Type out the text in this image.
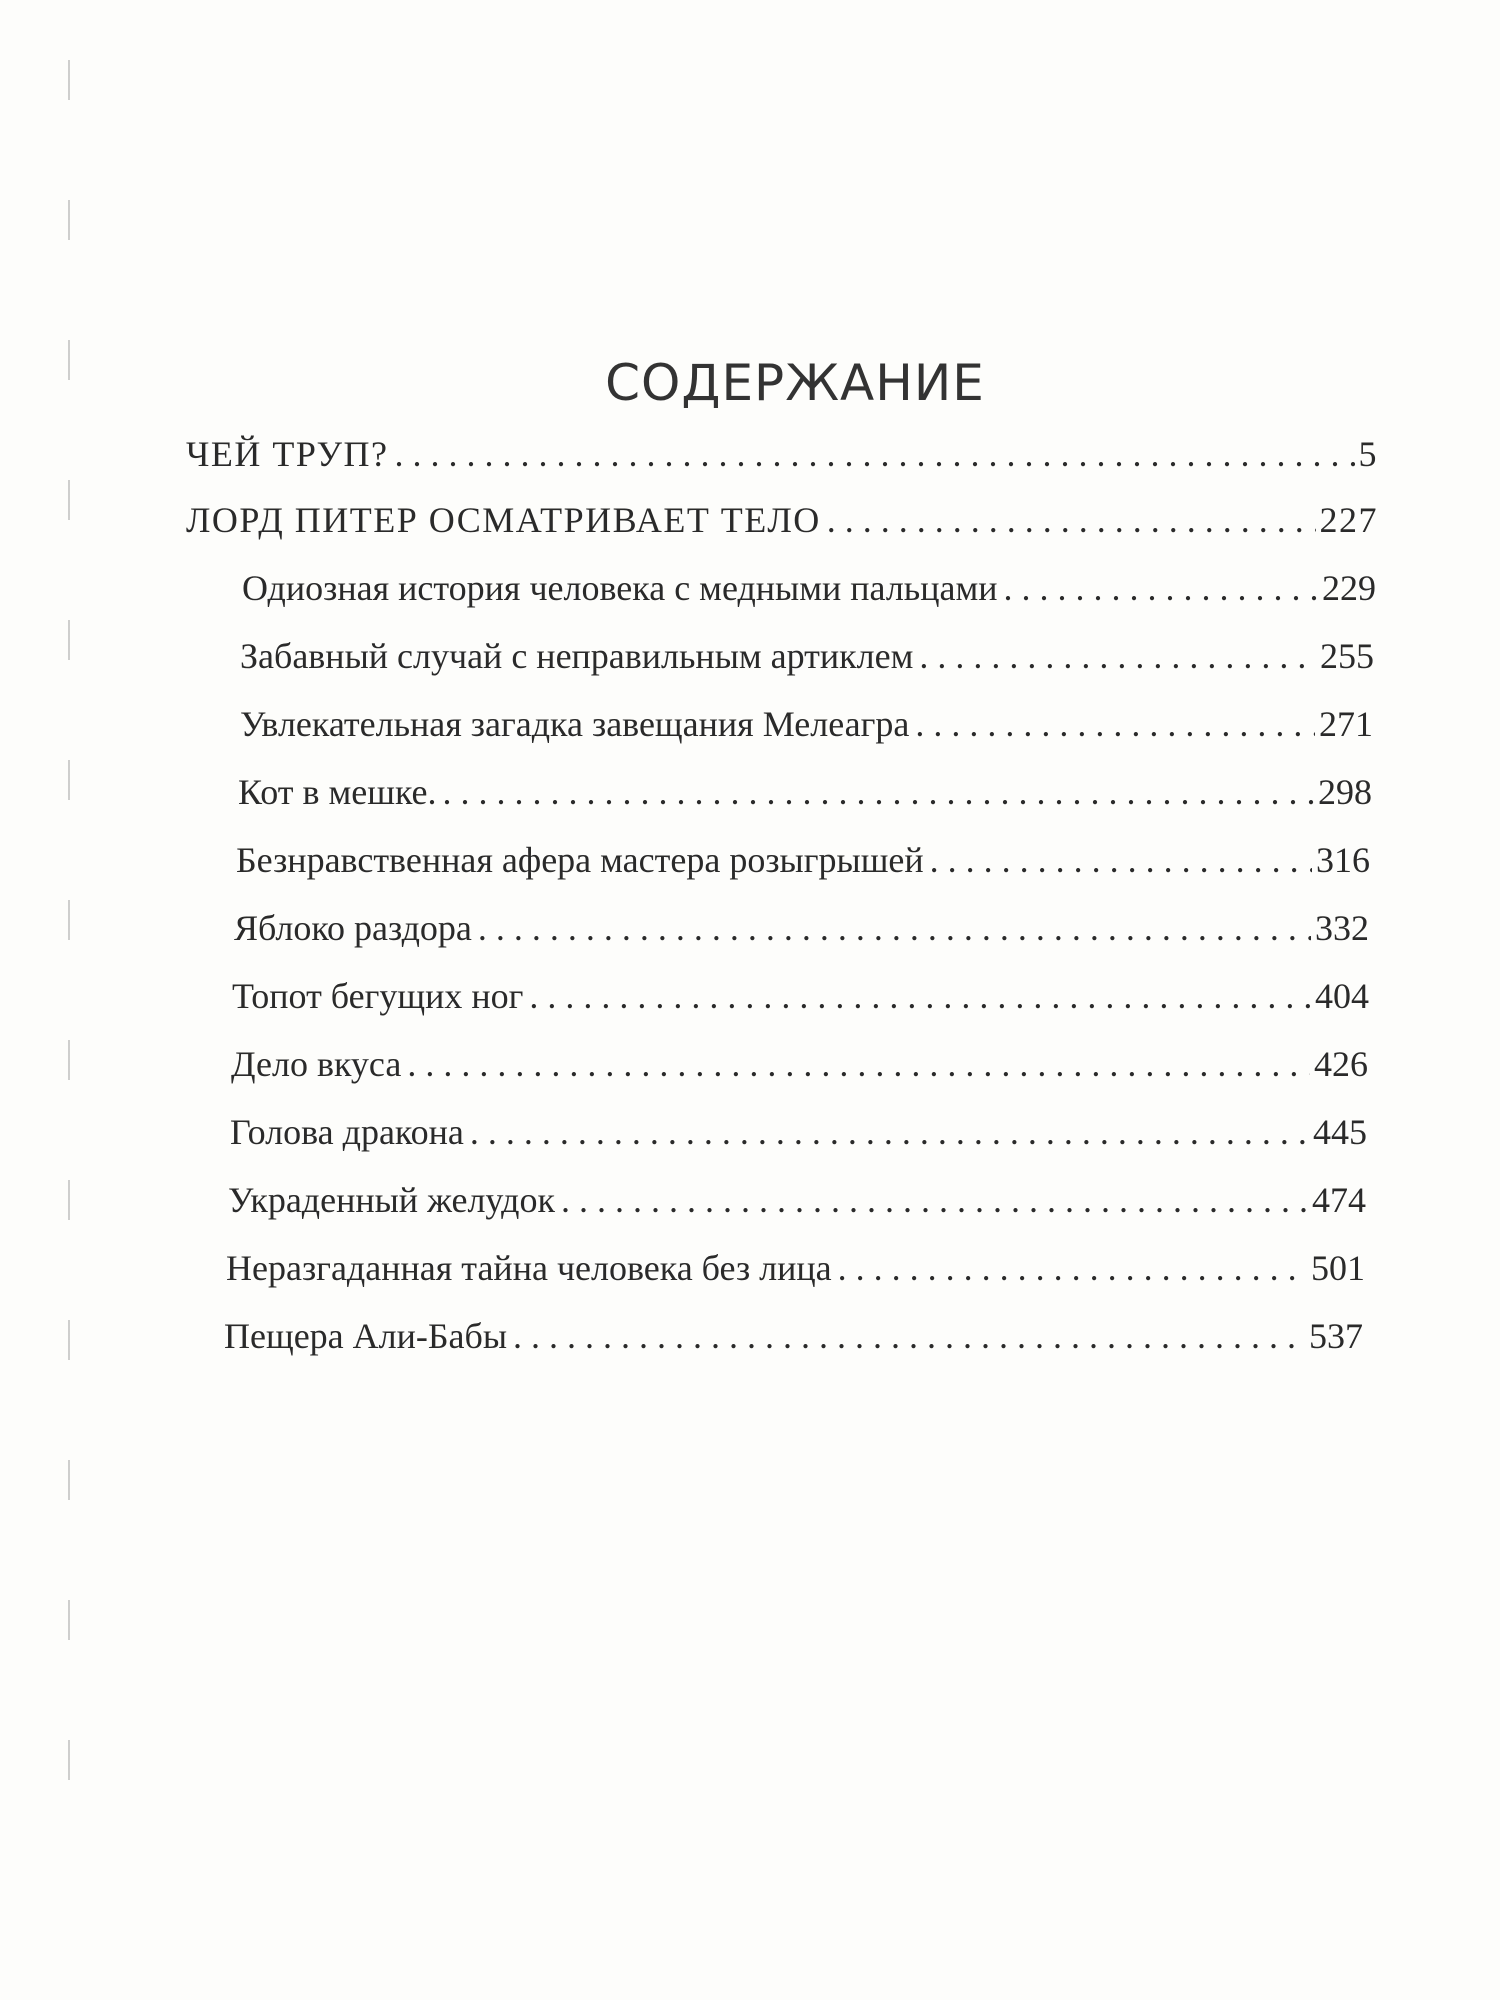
СОДЕРЖАНИЕ
ЧЕЙ ТРУП? . . .	5
ЛОРД ПИТЕР ОСМАТРИВАЕТ ТЕЛО . . .	227
Одиозная история человека с медными пальцами . . .	229
Забавный случай с неправильным артиклем . . .	255
Увлекательная загадка завещания Мелеагра . . .	271
Кот в мешке. . . .	298
Безнравственная афера мастера розыгрышей . . .	316
Яблоко раздора . . .	332
Топот бегущих ног . . .	404
Дело вкуса . . .	426
Голова дракона . . .	445
Украденный желудок . . .	474
Неразгаданная тайна человека без лица . . .	501
Пещера Али-Бабы . . .	537
